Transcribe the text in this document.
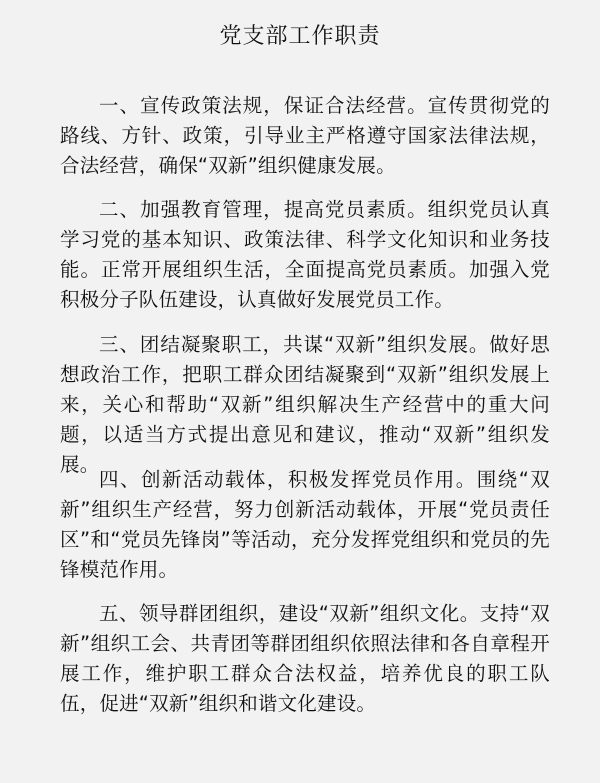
党支部工作职责

一、宣传政策法规，保证合法经营。宣传贯彻党的路线、方针、政策，引导业主严格遵守国家法律法规，合法经营，确保“双新”组织健康发展。

二、加强教育管理，提高党员素质。组织党员认真学习党的基本知识、政策法律、科学文化知识和业务技能。正常开展组织生活，全面提高党员素质。加强入党积极分子队伍建设，认真做好发展党员工作。

三、团结凝聚职工，共谋“双新”组织发展。做好思想政治工作，把职工群众团结凝聚到“双新”组织发展上来，关心和帮助“双新”组织解决生产经营中的重大问题，以适当方式提出意见和建议，推动“双新”组织发展。

四、创新活动载体，积极发挥党员作用。围绕“双新”组织生产经营，努力创新活动载体，开展“党员责任区”和“党员先锋岗”等活动，充分发挥党组织和党员的先锋模范作用。

五、领导群团组织，建设“双新”组织文化。支持“双新”组织工会、共青团等群团组织依照法律和各自章程开展工作，维护职工群众合法权益，培养优良的职工队伍，促进“双新”组织和谐文化建设。
